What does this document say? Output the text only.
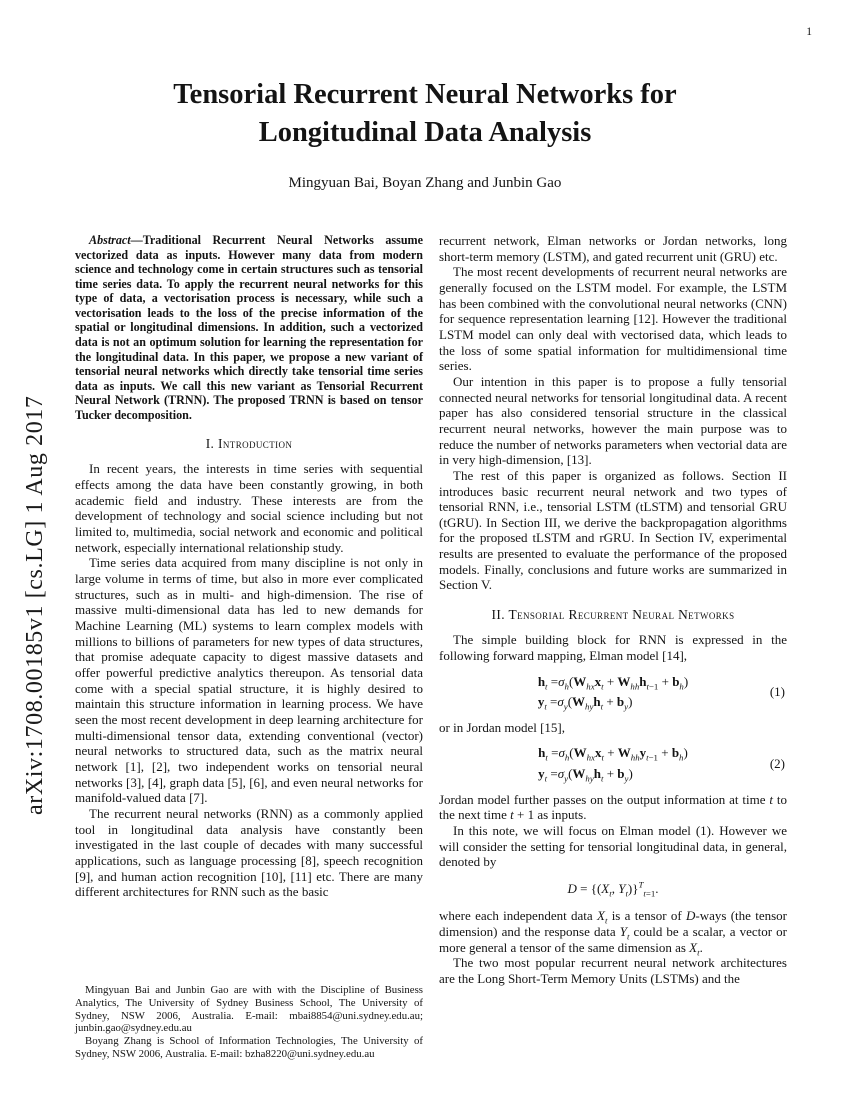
1
arXiv:1708.00185v1 [cs.LG] 1 Aug 2017
Tensorial Recurrent Neural Networks for
Longitudinal Data Analysis
Mingyuan Bai, Boyan Zhang and Junbin Gao

Abstract—Traditional Recurrent Neural Networks assume vectorized data as inputs. However many data from modern science and technology come in certain structures such as tensorial time series data. To apply the recurrent neural networks for this type of data, a vectorisation process is necessary, while such a vectorisation leads to the loss of the precise information of the spatial or longitudinal dimensions. In addition, such a vectorized data is not an optimum solution for learning the representation for the longitudinal data. In this paper, we propose a new variant of tensorial neural networks which directly take tensorial time series data as inputs. We call this new variant as Tensorial Recurrent Neural Network (TRNN). The proposed TRNN is based on tensor Tucker decomposition.

I. Introduction

In recent years, the interests in time series with sequential effects among the data have been constantly growing, in both academic field and industry. These interests are from the development of technology and social science including but not limited to, multimedia, social network and economic and political network, especially international relationship study.

Time series data acquired from many discipline is not only in large volume in terms of time, but also in more ever complicated structures, such as in multi- and high-dimension. The rise of massive multi-dimensional data has led to new demands for Machine Learning (ML) systems to learn complex models with millions to billions of parameters for new types of data structures, that promise adequate capacity to digest massive datasets and offer powerful predictive analytics thereupon. As tensorial data come with a special spatial structure, it is highly desired to maintain this structure information in learning process. We have seen the most recent development in deep learning architecture for multi-dimensional tensor data, extending conventional (vector) neural networks to structured data, such as the matrix neural network [1], [2], two independent works on tensorial neural networks [3], [4], graph data [5], [6], and even neural networks for manifold-valued data [7].

The recurrent neural networks (RNN) as a commonly applied tool in longitudinal data analysis have constantly been investigated in the last couple of decades with many successful applications, such as language processing [8], speech recognition [9], and human action recognition [10], [11] etc. There are many different architectures for RNN such as the basic

Mingyuan Bai and Junbin Gao are with with the Discipline of Business Analytics, The University of Sydney Business School, The University of Sydney, NSW 2006, Australia. E-mail: mbai8854@uni.sydney.edu.au; junbin.gao@sydney.edu.au

Boyang Zhang is School of Information Technologies, The University of Sydney, NSW 2006, Australia. E-mail: bzha8220@uni.sydney.edu.au

recurrent network, Elman networks or Jordan networks, long short-term memory (LSTM), and gated recurrent unit (GRU) etc.

The most recent developments of recurrent neural networks are generally focused on the LSTM model. For example, the LSTM has been combined with the convolutional neural networks (CNN) for sequence representation learning [12]. However the traditional LSTM model can only deal with vectorised data, which leads to the loss of some spatial information for multidimensional time series.

Our intention in this paper is to propose a fully tensorial connected neural networks for tensorial longitudinal data. A recent paper has also considered tensorial structure in the classical recurrent neural networks, however the main purpose was to reduce the number of networks parameters when vectorial data are in very high-dimension, [13].

The rest of this paper is organized as follows. Section II introduces basic recurrent neural network and two types of tensorial RNN, i.e., tensorial LSTM (tLSTM) and tensorial GRU (tGRU). In Section III, we derive the backpropagation algorithms for the proposed tLSTM and rGRU. In Section IV, experimental results are presented to evaluate the performance of the proposed models. Finally, conclusions and future works are summarized in Section V.

II. Tensorial Recurrent Neural Networks

The simple building block for RNN is expressed in the following forward mapping, Elman model [14],

$h_t =\sigma_h(W_{hx}x_t + W_{hh}h_{t-1} + b_h)$
$y_t =\sigma_y(W_{hy}h_t + b_y)$
(1)

or in Jordan model [15],

$h_t =\sigma_h(W_{hx}x_t + W_{hh}y_{t-1} + b_h)$
$y_t =\sigma_y(W_{hy}h_t + b_y)$
(2)

Jordan model further passes on the output information at time t to the next time t + 1 as inputs.

In this note, we will focus on Elman model (1). However we will consider the setting for tensorial longitudinal data, in general, denoted by

$D = \{(X_t$, $Y_t)\}^T_{t=1}$.

where each independent data $X_t$ is a tensor of D-ways (the tensor dimension) and the response data $Y_t$ could be a scalar, a vector or more general a tensor of the same dimension as $X_t$.

The two most popular recurrent neural network architectures are the Long Short-Term Memory Units (LSTMs) and the
